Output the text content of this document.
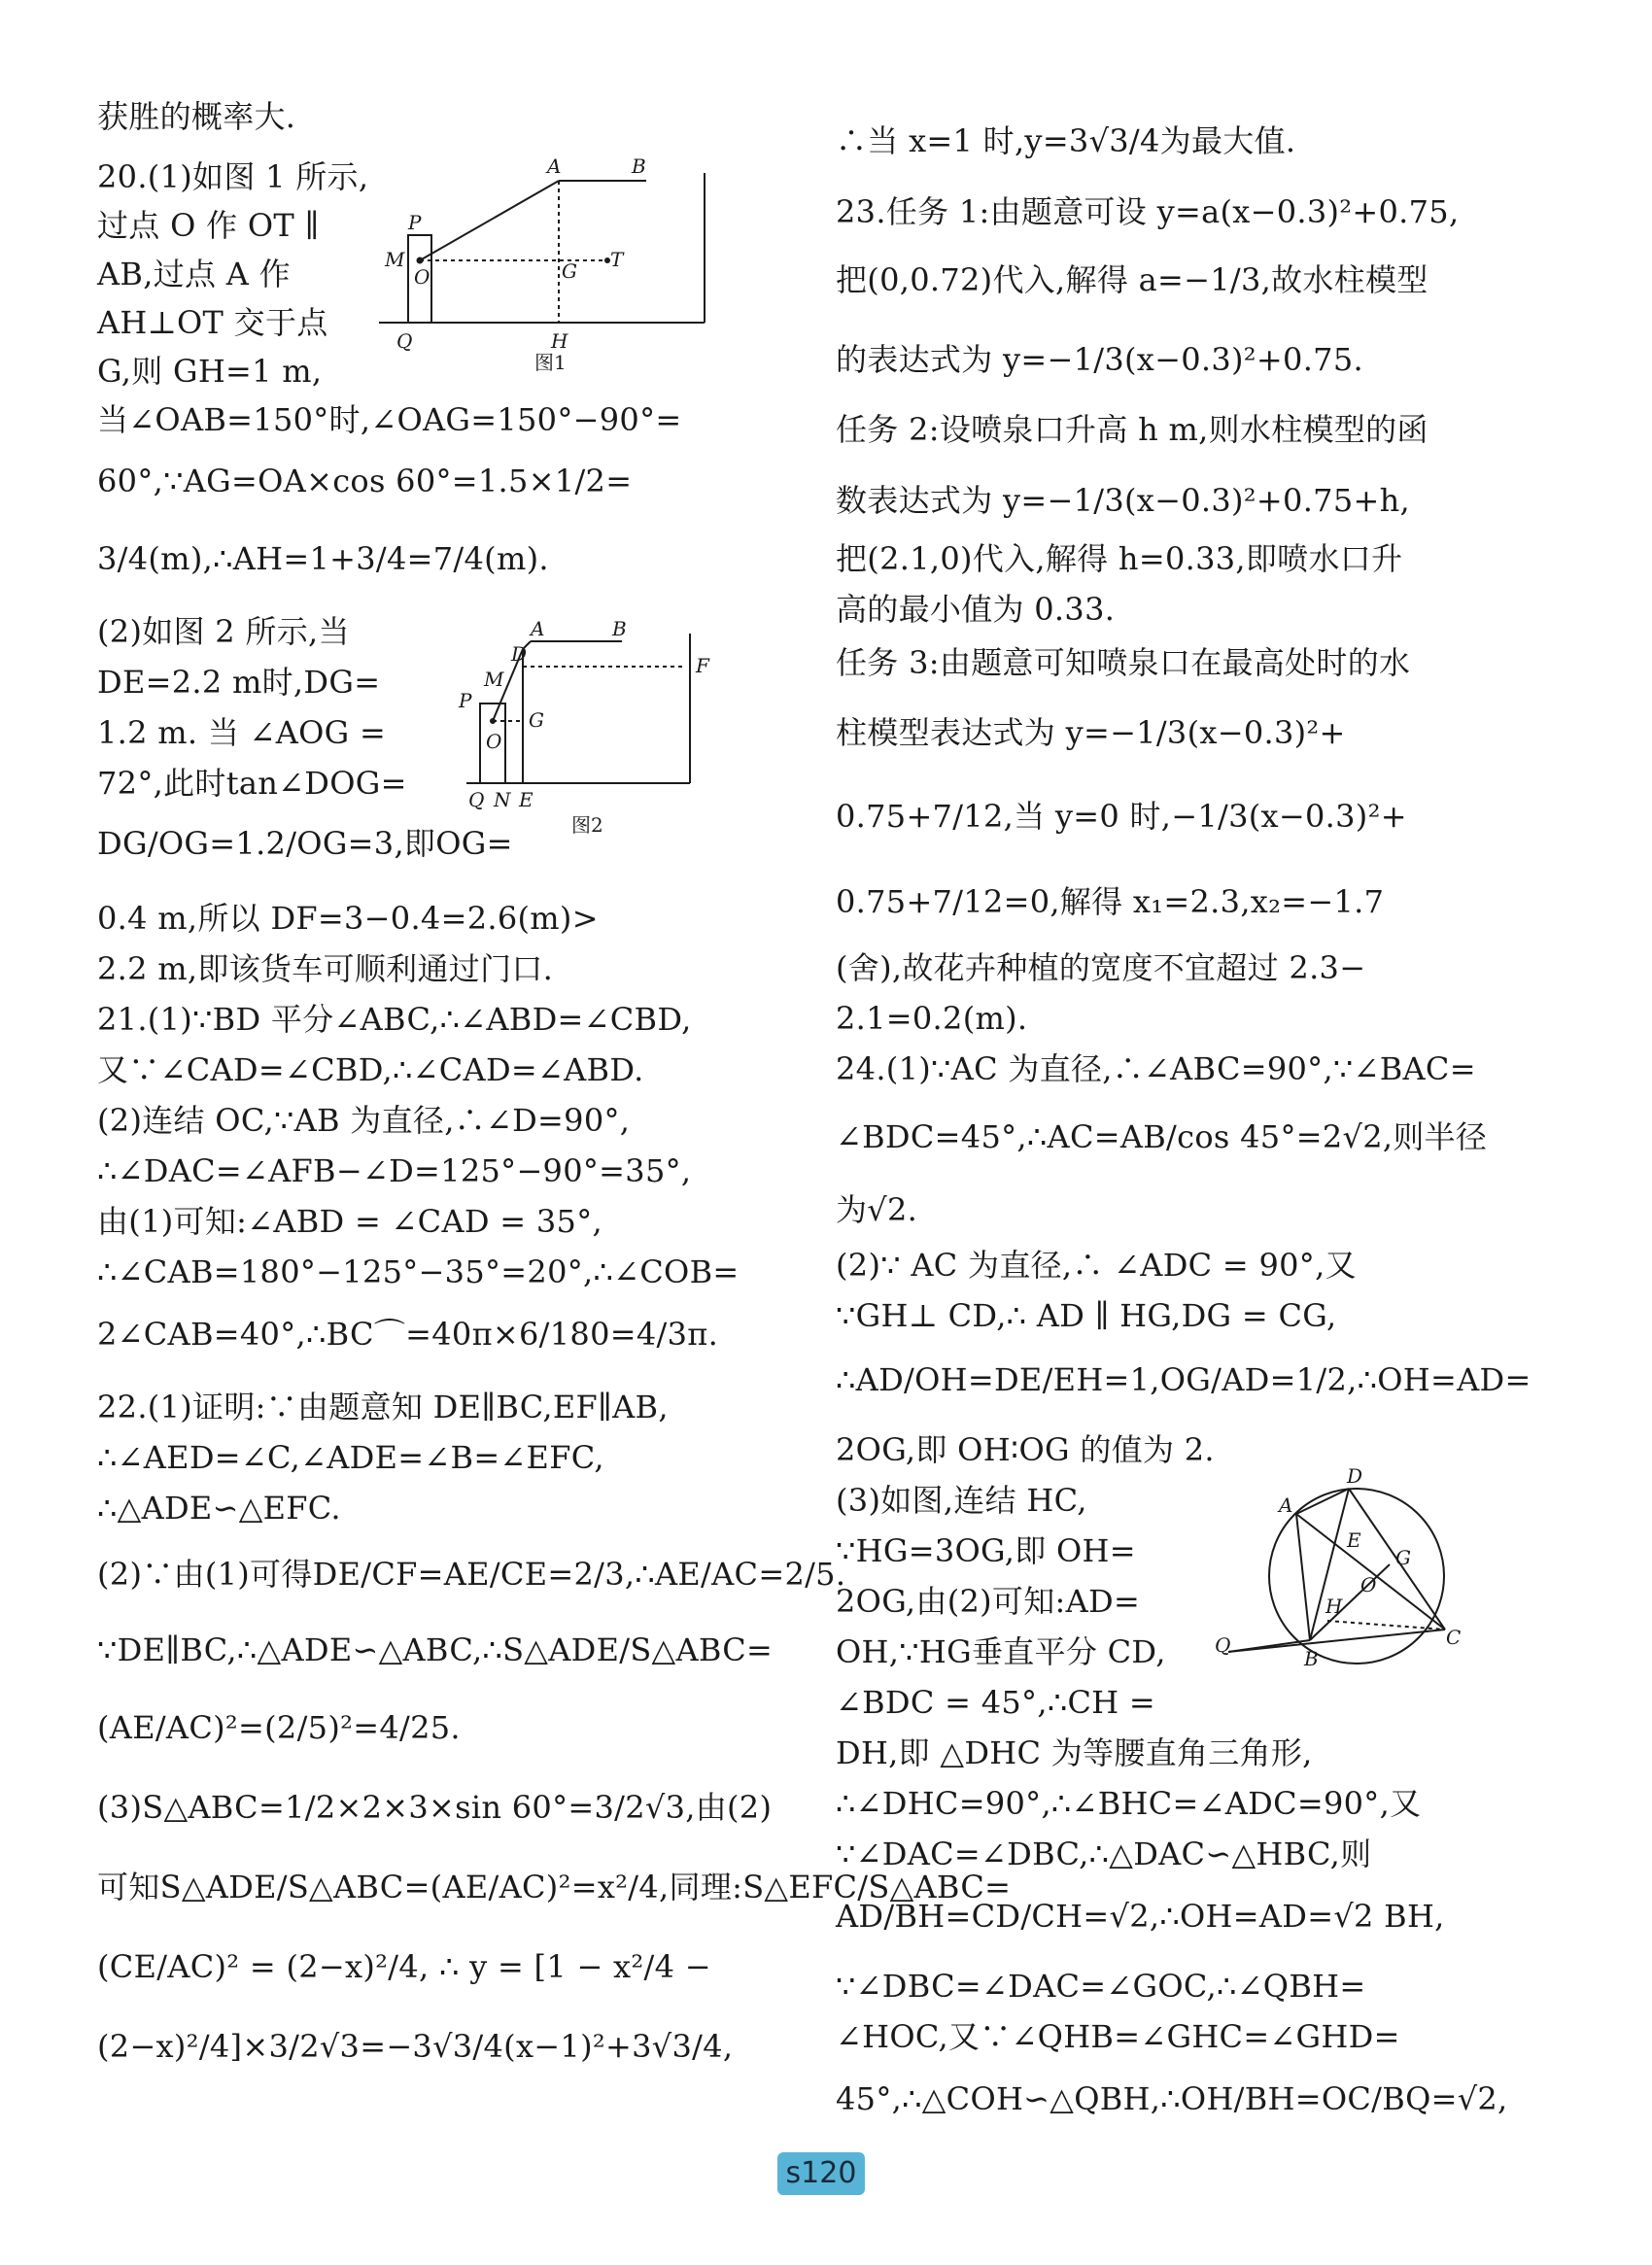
获胜的概率大.
20.(1)如图 1 所示,
过点 O 作 OT ∥
AB,过点 A 作
AH⊥OT 交于点
G,则 GH=1 m,
当∠OAB=150°时,∠OAG=150°−90°=
60°,∵AG=OA×cos 60°=1.5×1/2=
3/4(m),∴AH=1+3/4=7/4(m).
(2)如图 2 所示,当
DE=2.2 m时,DG=
1.2 m. 当 ∠AOG =
72°,此时tan∠DOG=
DG/OG=1.2/OG=3,即OG=
0.4 m,所以 DF=3−0.4=2.6(m)>
2.2 m,即该货车可顺利通过门口.
21.(1)∵BD 平分∠ABC,∴∠ABD=∠CBD,
又∵∠CAD=∠CBD,∴∠CAD=∠ABD.
(2)连结 OC,∵AB 为直径,∴∠D=90°,
∴∠DAC=∠AFB−∠D=125°−90°=35°,
由(1)可知:∠ABD = ∠CAD = 35°,
∴∠CAB=180°−125°−35°=20°,∴∠COB=
2∠CAB=40°,∴BC⌒=40π×6/180=4/3π.
22.(1)证明:∵由题意知 DE∥BC,EF∥AB,
∴∠AED=∠C,∠ADE=∠B=∠EFC,
∴△ADE∽△EFC.
(2)∵由(1)可得DE/CF=AE/CE=2/3,∴AE/AC=2/5.
∵DE∥BC,∴△ADE∽△ABC,∴S△ADE/S△ABC=
(AE/AC)²=(2/5)²=4/25.
(3)S△ABC=1/2×2×3×sin 60°=3/2√3,由(2)
可知S△ADE/S△ABC=(AE/AC)²=x²/4,同理:S△EFC/S△ABC=
(CE/AC)² = (2−x)²/4, ∴ y = [1 − x²/4 −
(2−x)²/4]×3/2√3=−3√3/4(x−1)²+3√3/4,
∴当 x=1 时,y=3√3/4为最大值.
23.任务 1:由题意可设 y=a(x−0.3)²+0.75,
把(0,0.72)代入,解得 a=−1/3,故水柱模型
的表达式为 y=−1/3(x−0.3)²+0.75.
任务 2:设喷泉口升高 h m,则水柱模型的函
数表达式为 y=−1/3(x−0.3)²+0.75+h,
把(2.1,0)代入,解得 h=0.33,即喷水口升
高的最小值为 0.33.
任务 3:由题意可知喷泉口在最高处时的水
柱模型表达式为 y=−1/3(x−0.3)²+
0.75+7/12,当 y=0 时,−1/3(x−0.3)²+
0.75+7/12=0,解得 x₁=2.3,x₂=−1.7
(舍),故花卉种植的宽度不宜超过 2.3−
2.1=0.2(m).
24.(1)∵AC 为直径,∴∠ABC=90°,∵∠BAC=
∠BDC=45°,∴AC=AB/cos 45°=2√2,则半径
为√2.
(2)∵ AC 为直径,∴ ∠ADC = 90°,又
∵GH⊥ CD,∴ AD ∥ HG,DG = CG,
∴AD/OH=DE/EH=1,OG/AD=1/2,∴OH=AD=
2OG,即 OH∶OG 的值为 2.
(3)如图,连结 HC,
∵HG=3OG,即 OH=
2OG,由(2)可知:AD=
OH,∵HG垂直平分 CD,
∠BDC = 45°,∴CH =
DH,即 △DHC 为等腰直角三角形,
∴∠DHC=90°,∴∠BHC=∠ADC=90°,又
∵∠DAC=∠DBC,∴△DAC∽△HBC,则
AD/BH=CD/CH=√2,∴OH=AD=√2 BH,
∵∠DBC=∠DAC=∠GOC,∴∠QBH=
∠HOC,又∵∠QHB=∠GHC=∠GHD=
45°,∴△COH∽△QBH,∴OH/BH=OC/BQ=√2,
A	B
P
M
O	G T
Q	H
图1
A	B
D
M
F
P
G
O
Q N E
图2
D
A
E
G
O
H
Q
B
C
s120
